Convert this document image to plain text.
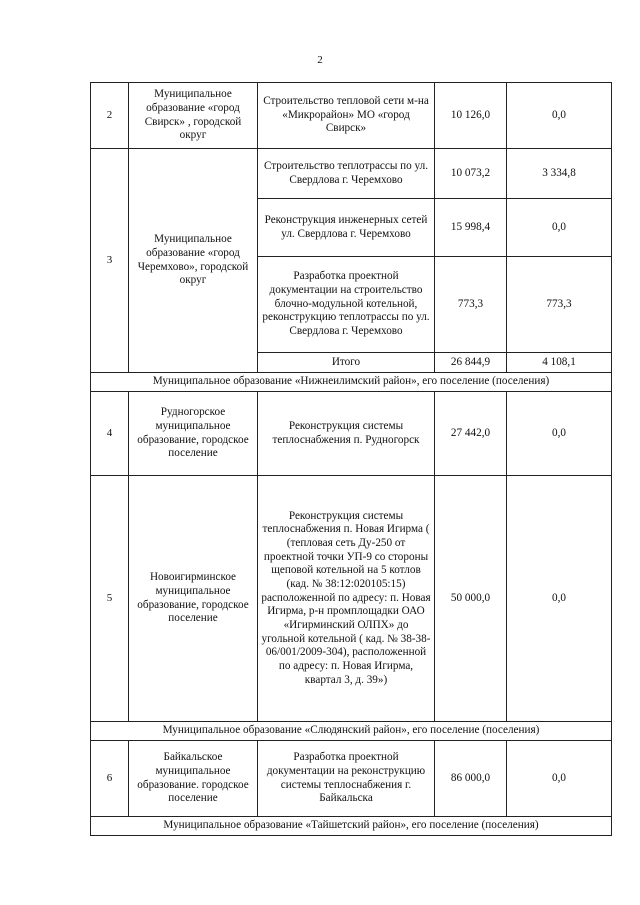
2
2	Муниципальное образование «город Свирск» , городской округ	Строительство тепловой сети м-на «Микрорайон» МО «город Свирск»	10 126,0	0,0
3	Муниципальное образование «город Черемхово», городской округ	Строительство теплотрассы по ул. Свердлова г. Черемхово	10 073,2	3 334,8
		Реконструкция инженерных сетей ул. Свердлова г. Черемхово	15 998,4	0,0
		Разработка проектной документации на строительство блочно-модульной котельной, реконструкцию теплотрассы по ул. Свердлова г. Черемхово	773,3	773,3
		Итого	26 844,9	4 108,1
Муниципальное образование «Нижнеилимский район», его поселение (поселения)				
4	Рудногорское муниципальное образование, городское поселение	Реконструкция системы теплоснабжения п. Рудногорск	27 442,0	0,0
5	Новоигирминское муниципальное образование, городское поселение	Реконструкция системы теплоснабжения п. Новая Игирма ( (тепловая сеть Ду-250 от проектной точки УП-9 со стороны щеповой котельной на 5 котлов (кад. № 38:12:020105:15) расположенной по адресу: п. Новая Игирма, р-н промплощадки ОАО «Игирминский ОЛПХ» до угольной котельной ( кад. № 38-38-06/001/2009-304), расположенной по адресу: п. Новая Игирма, квартал 3, д. 39»)	50 000,0	0,0
Муниципальное образование «Слюдянский район», его поселение (поселения)				
6	Байкальское муниципальное образование. городское поселение	Разработка проектной документации на реконструкцию системы теплоснабжения г. Байкальска	86 000,0	0,0
Муниципальное образование «Тайшетский район», его поселение (поселения)				
